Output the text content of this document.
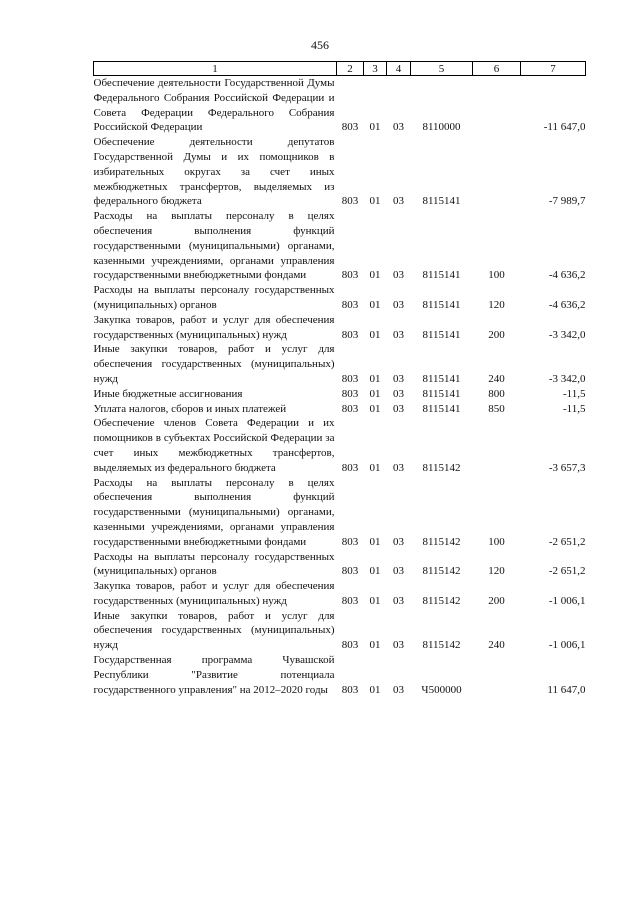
456
1	2	3	4	5	6	7
Обеспечение деятельности Государственной Думы Федерального Собрания Российской Федерации и Совета Федерации Федерального Собрания Российской Федерации	803	01	03	8110000		-11 647,0
Обеспечение деятельности депутатов Государственной Думы и их помощников в избирательных округах за счет иных межбюджетных трансфертов, выделяемых из федерального бюджета	803	01	03	8115141		-7 989,7
Расходы на выплаты персоналу в целях обеспечения выполнения функций государственными (муниципальными) органами, казенными учреждениями, органами управления государственными внебюджетными фондами	803	01	03	8115141	100	-4 636,2
Расходы на выплаты персоналу государственных (муниципальных) органов	803	01	03	8115141	120	-4 636,2
Закупка товаров, работ и услуг для обеспечения государственных (муниципальных) нужд	803	01	03	8115141	200	-3 342,0
Иные закупки товаров, работ и услуг для обеспечения государственных (муниципальных) нужд	803	01	03	8115141	240	-3 342,0
Иные бюджетные ассигнования	803	01	03	8115141	800	-11,5
Уплата налогов, сборов и иных платежей	803	01	03	8115141	850	-11,5
Обеспечение членов Совета Федерации и их помощников в субъектах Российской Федерации за счет иных межбюджетных трансфертов, выделяемых из федерального бюджета	803	01	03	8115142		-3 657,3
Расходы на выплаты персоналу в целях обеспечения выполнения функций государственными (муниципальными) органами, казенными учреждениями, органами управления государственными внебюджетными фондами	803	01	03	8115142	100	-2 651,2
Расходы на выплаты персоналу государственных (муниципальных) органов	803	01	03	8115142	120	-2 651,2
Закупка товаров, работ и услуг для обеспечения государственных (муниципальных) нужд	803	01	03	8115142	200	-1 006,1
Иные закупки товаров, работ и услуг для обеспечения государственных (муниципальных) нужд	803	01	03	8115142	240	-1 006,1
Государственная программа Чувашской Республики "Развитие потенциала государственного управления" на 2012–2020 годы	803	01	03	Ч500000		11 647,0
